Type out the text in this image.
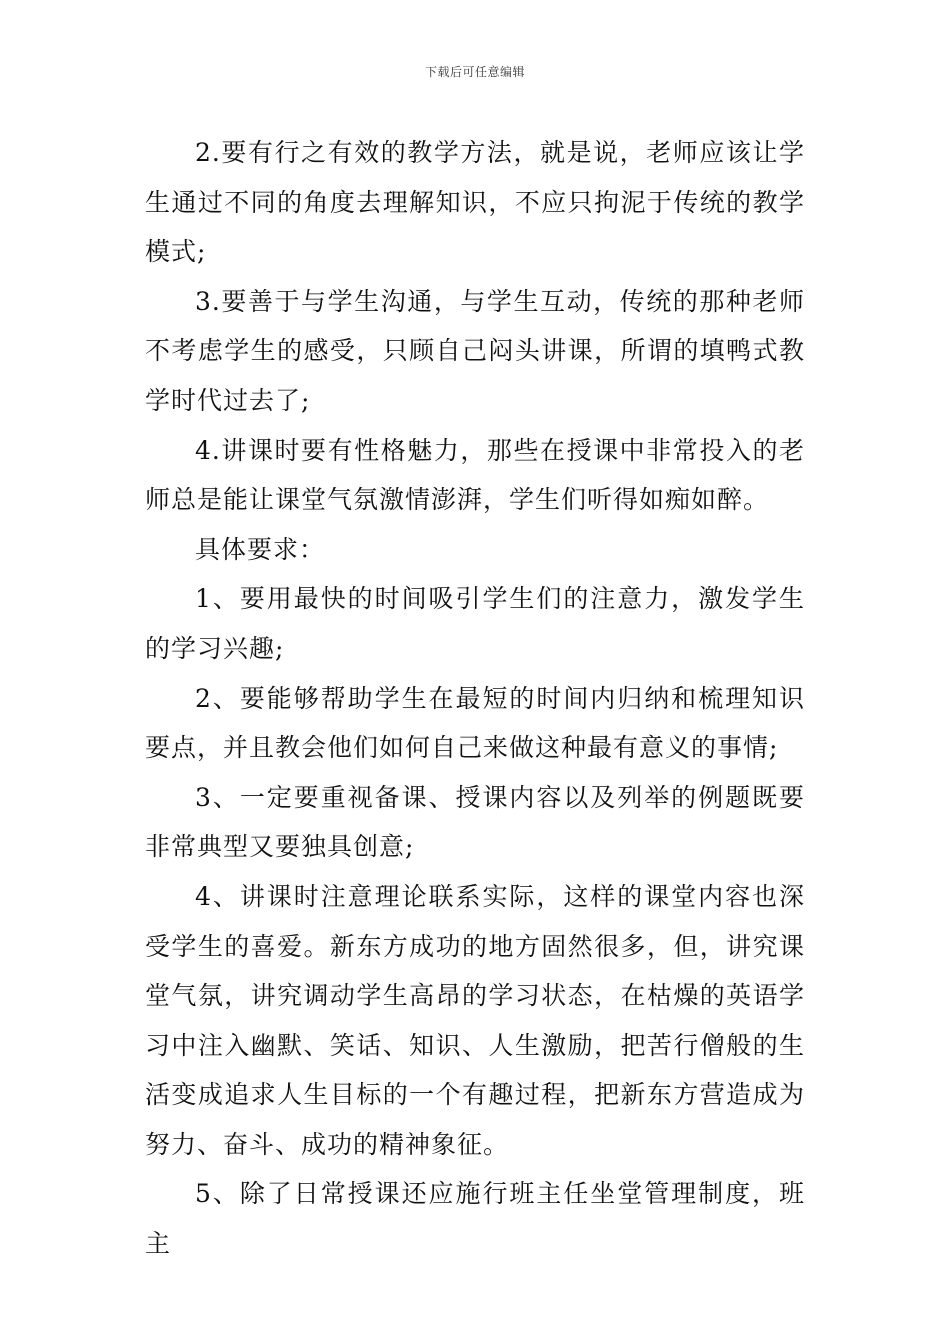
下载后可任意编辑

2.要有行之有效的教学方法，就是说，老师应该让学生通过不同的角度去理解知识，不应只拘泥于传统的教学模式;

3.要善于与学生沟通，与学生互动，传统的那种老师不考虑学生的感受，只顾自己闷头讲课，所谓的填鸭式教学时代过去了;

4.讲课时要有性格魅力，那些在授课中非常投入的老师总是能让课堂气氛激情澎湃，学生们听得如痴如醉。

具体要求：

1、要用最快的时间吸引学生们的注意力，激发学生的学习兴趣;

2、要能够帮助学生在最短的时间内归纳和梳理知识要点，并且教会他们如何自己来做这种最有意义的事情;

3、一定要重视备课、授课内容以及列举的例题既要非常典型又要独具创意;

4、讲课时注意理论联系实际，这样的课堂内容也深受学生的喜爱。新东方成功的地方固然很多，但，讲究课堂气氛，讲究调动学生高昂的学习状态，在枯燥的英语学习中注入幽默、笑话、知识、人生激励，把苦行僧般的生活变成追求人生目标的一个有趣过程，把新东方营造成为努力、奋斗、成功的精神象征。

5、除了日常授课还应施行班主任坐堂管理制度，班主
